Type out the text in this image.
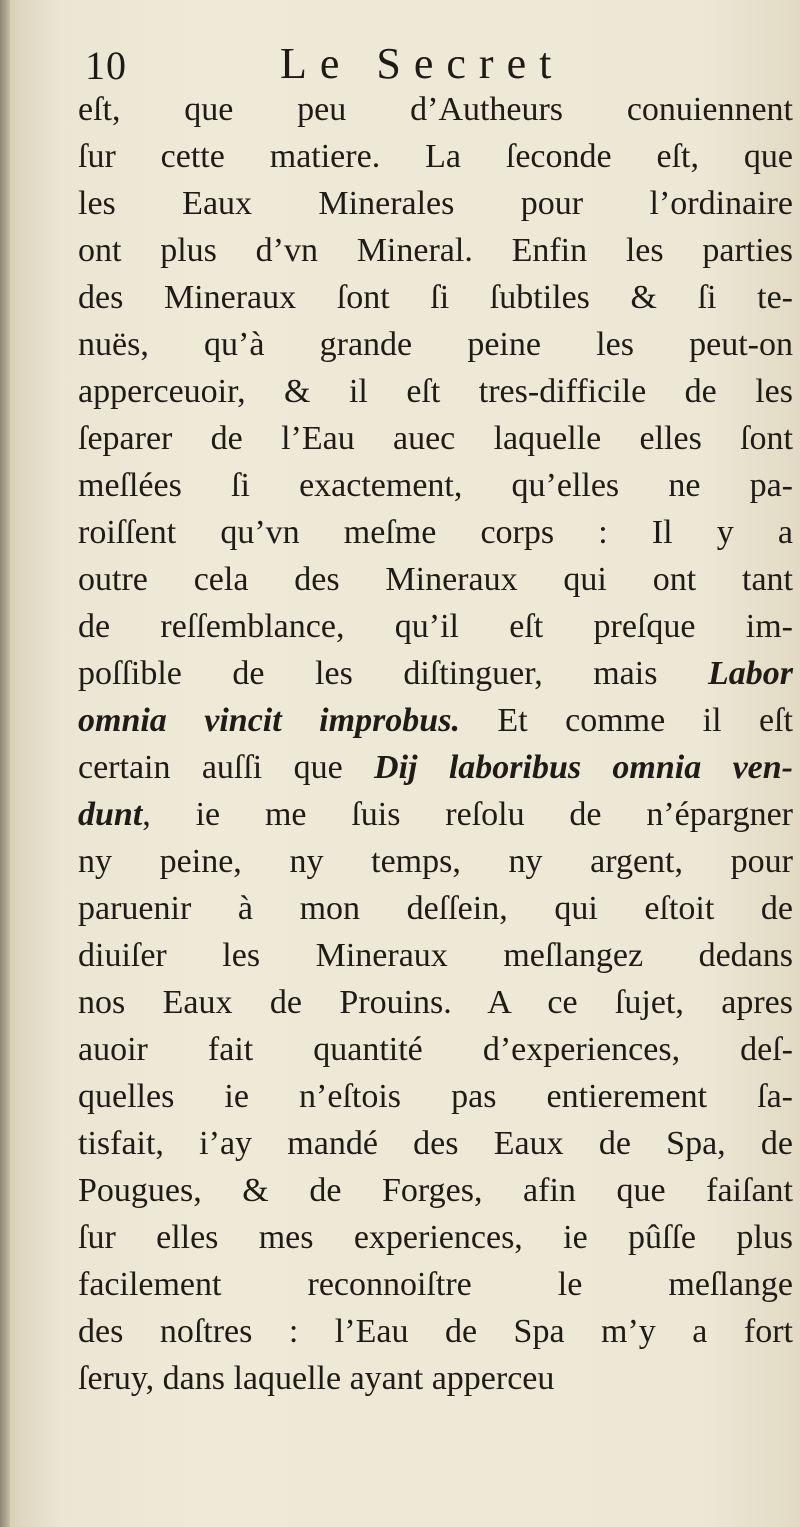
10	Le Secret
eſt, que peu d’Autheurs conuiennent
ſur cette matiere. La ſeconde eſt, que
les Eaux Minerales pour l’ordinaire
ont plus d’vn Mineral. Enfin les parties
des Mineraux ſont ſi ſubtiles & ſi te-
nuës, qu’à grande peine les peut-on
apperceuoir, & il eſt tres-difficile de les
ſeparer de l’Eau auec laquelle elles ſont
meſlées ſi exactement, qu’elles ne pa-
roiſſent qu’vn meſme corps : Il y a
outre cela des Mineraux qui ont tant
de reſſemblance, qu’il eſt preſque im-
poſſible de les diſtinguer, mais Labor
omnia vincit improbus. Et comme il eſt
certain auſſi que Dij laboribus omnia ven-
dunt, ie me ſuis reſolu de n’épargner
ny peine, ny temps, ny argent, pour
paruenir à mon deſſein, qui eſtoit de
diuiſer les Mineraux meſlangez dedans
nos Eaux de Prouins. A ce ſujet, apres
auoir fait quantité d’experiences, deſ-
quelles ie n’eſtois pas entierement ſa-
tisfait, i’ay mandé des Eaux de Spa, de
Pougues, & de Forges, afin que faiſant
ſur elles mes experiences, ie pûſſe plus
facilement reconnoiſtre le meſlange
des noſtres : l’Eau de Spa m’y a fort
ſeruy, dans laquelle ayant apperceu
